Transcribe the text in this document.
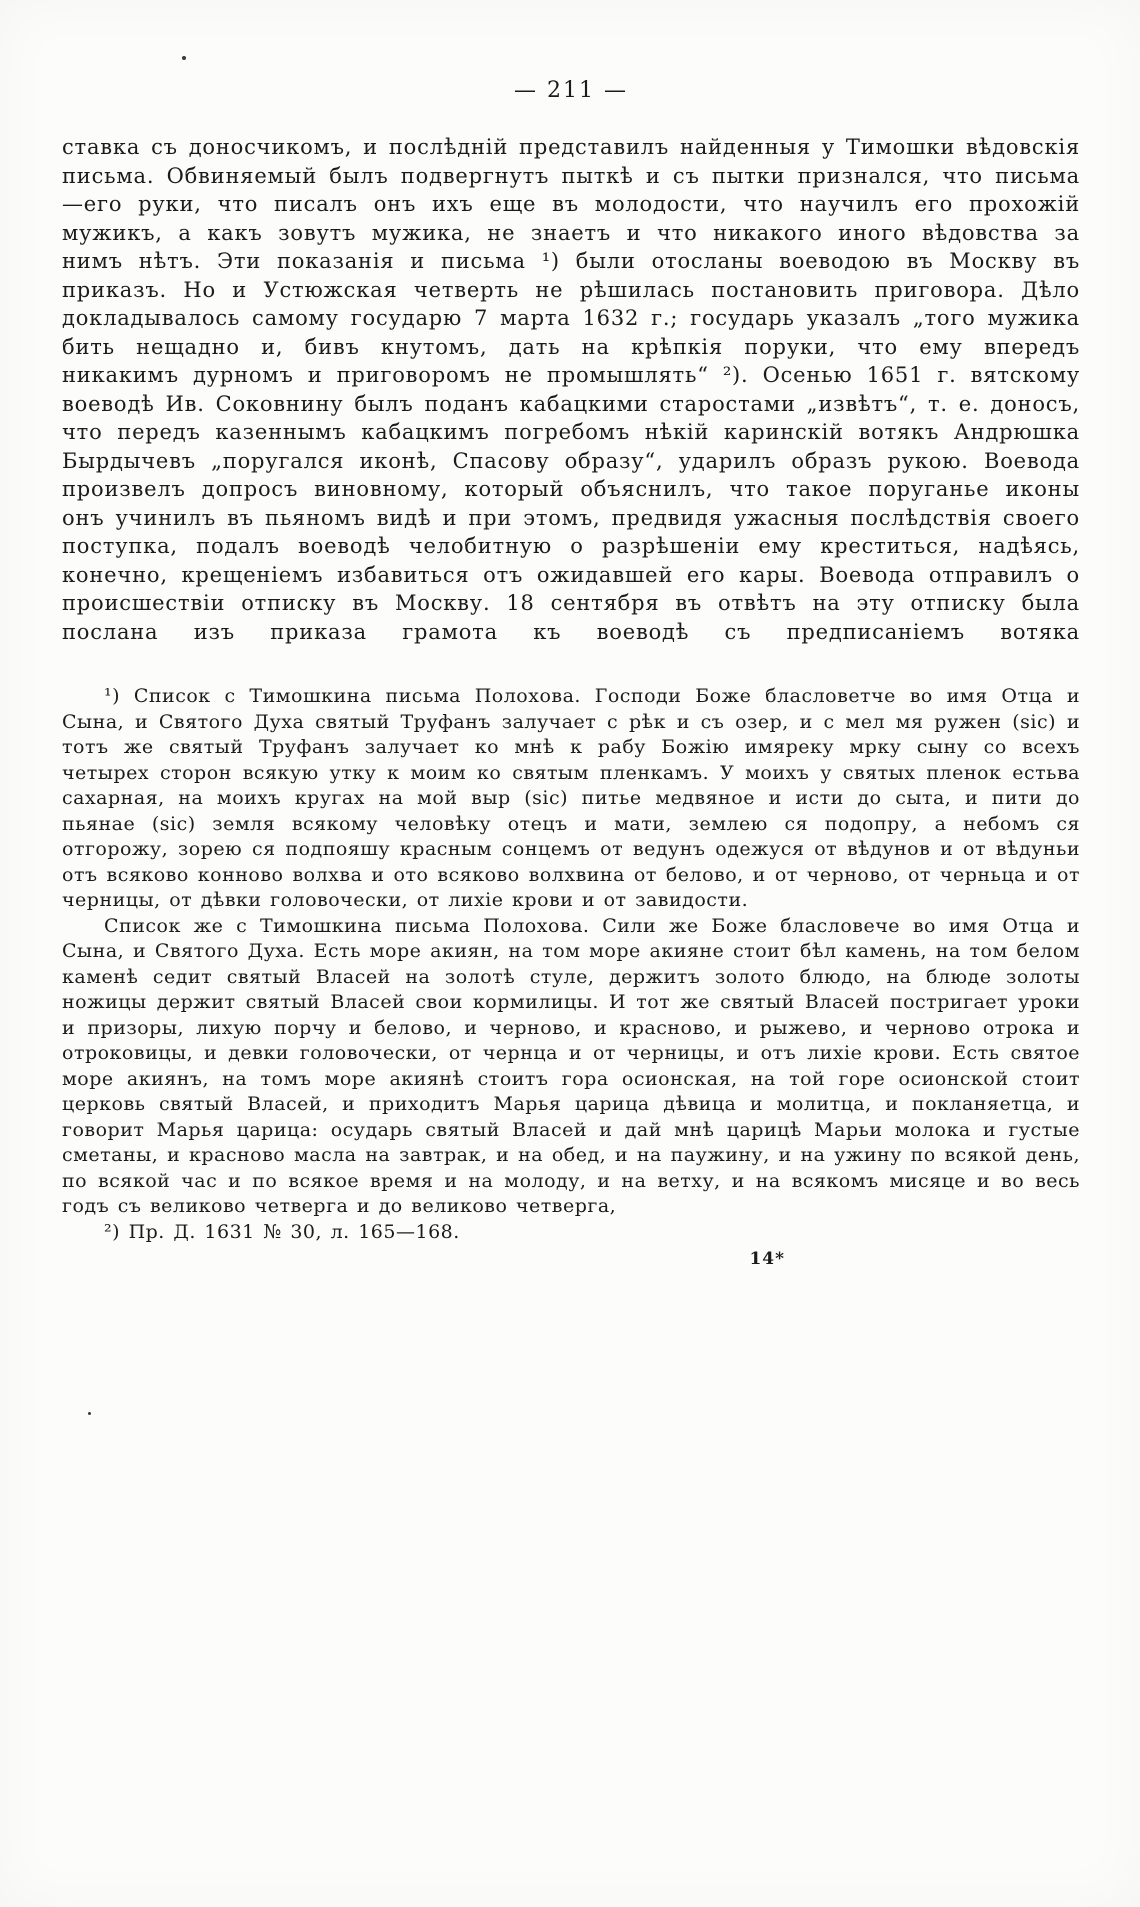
— 211 —
ставка съ доносчикомъ, и послѣдній представилъ найденныя у Тимошки вѣдовскія письма. Обвиняемый былъ подвергнутъ пыткѣ и съ пытки признался, что письма—его руки, что писалъ онъ ихъ еще въ молодости, что научилъ его прохожій мужикъ, а какъ зовутъ мужика, не знаетъ и что никакого иного вѣдовства за нимъ нѣтъ. Эти показанія и письма ¹) были отосланы воеводою въ Москву въ приказъ. Но и Устюжская четверть не рѣшилась постановить приговора. Дѣло докладывалось самому государю 7 марта 1632 г.; государь указалъ „того мужика бить нещадно и, бивъ кнутомъ, дать на крѣпкія поруки, что ему впередъ никакимъ дурномъ и приговоромъ не промышлять“ ²). Осенью 1651 г. вятскому воеводѣ Ив. Соковнину былъ поданъ кабацкими старостами „извѣтъ“, т. е. доносъ, что передъ казеннымъ кабацкимъ погребомъ нѣкій каринскій вотякъ Андрюшка Бырдычевъ „поругался иконѣ, Спасову образу“, ударилъ образъ рукою. Воевода произвелъ допросъ виновному, который объяснилъ, что такое поруганье иконы онъ учинилъ въ пьяномъ видѣ и при этомъ, предвидя ужасныя послѣдствія своего поступка, подалъ воеводѣ челобитную о разрѣшеніи ему креститься, надѣясь, конечно, крещеніемъ избавиться отъ ожидавшей его кары. Воевода отправилъ о происшествіи отписку въ Москву. 18 сентября въ отвѣтъ на эту отписку была послана изъ приказа грамота къ воеводѣ съ предписаніемъ вотяка

¹) Список с Тимошкина письма Полохова. Господи Боже бласловетче во имя Отца и Сына, и Святого Духа святый Труфанъ залучает с рѣк и съ озер, и с мел мя ружен (sic) и тотъ же святый Труфанъ залучает ко мнѣ к рабу Божію имяреку мрку сыну со всехъ четырех сторон всякую утку к моим ко святым пленкамъ. У моихъ у святых пленок естьва сахарная, на моихъ кругах на мой выр (sic) питье медвяное и исти до сыта, и пити до пьянае (sic) земля всякому человѣку отецъ и мати, землею ся подопру, а небомъ ся отгорожу, зорею ся подпояшу красным сонцемъ от ведунъ одежуся от вѣдунов и от вѣдуньи отъ всяково конново волхва и ото всяково волхвина от белово, и от черново, от черньца и от черницы, от дѣвки головочески, от лихіе крови и от завидости.

Список же с Тимошкина письма Полохова. Сили же Боже бласловече во имя Отца и Сына, и Святого Духа. Есть море акиян, на том море акияне стоит бѣл камень, на том белом каменѣ седит святый Власей на золотѣ стуле, держитъ золото блюдо, на блюде золоты ножицы держит святый Власей свои кормилицы. И тот же святый Власей постригает уроки и призоры, лихую порчу и белово, и черново, и красново, и рыжево, и черново отрока и отроковицы, и девки головочески, от чернца и от черницы, и отъ лихіе крови. Есть святое море акиянъ, на томъ море акиянѣ стоитъ гора осионская, на той горе осионской стоит церковь святый Власей, и приходитъ Марья царица дѣвица и молитца, и покланяетца, и говорит Марья царица: осударь святый Власей и дай мнѣ царицѣ Марьи молока и густые сметаны, и красново масла на завтрак, и на обед, и на паужину, и на ужину по всякой день, по всякой час и по всякое время и на молоду, и на ветху, и на всякомъ мисяце и во весь годъ съ великово четверга и до великово четверга,

²) Пр. Д. 1631 № 30, л. 165—168.

14*
